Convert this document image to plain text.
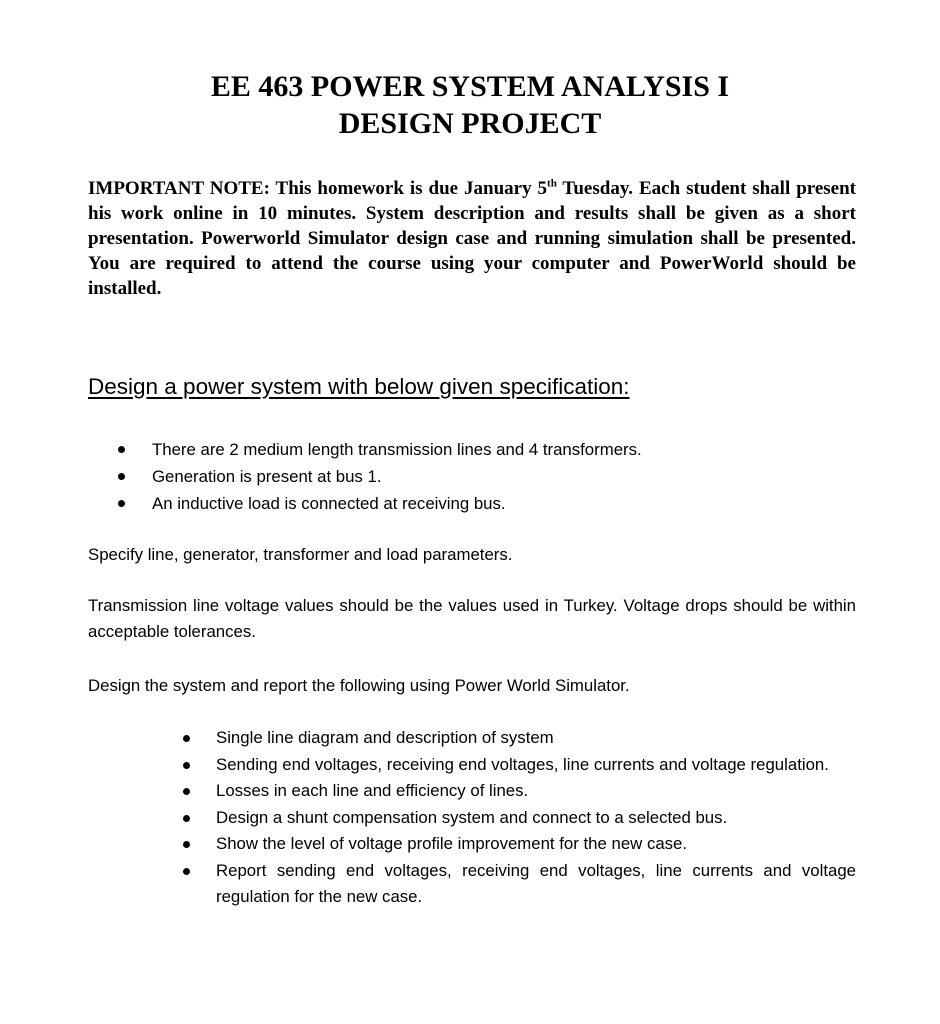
EE 463 POWER SYSTEM ANALYSIS I
DESIGN PROJECT
IMPORTANT NOTE: This homework is due January 5th Tuesday. Each student shall present his work online in 10 minutes. System description and results shall be given as a short presentation. Powerworld Simulator design case and running simulation shall be presented. You are required to attend the course using your computer and PowerWorld should be installed.
Design a power system with below given specification:
There are 2 medium length transmission lines and 4 transformers.
Generation is present at bus 1.
An inductive load is connected at receiving bus.
Specify line, generator, transformer and load parameters.
Transmission line voltage values should be the values used in Turkey. Voltage drops should be within acceptable tolerances.
Design the system and report the following using Power World Simulator.
Single line diagram and description of system
Sending end voltages, receiving end voltages, line currents and voltage regulation.
Losses in each line and efficiency of lines.
Design a shunt compensation system and connect to a selected bus.
Show the level of voltage profile improvement for the new case.
Report sending end voltages, receiving end voltages, line currents and voltage regulation for the new case.
